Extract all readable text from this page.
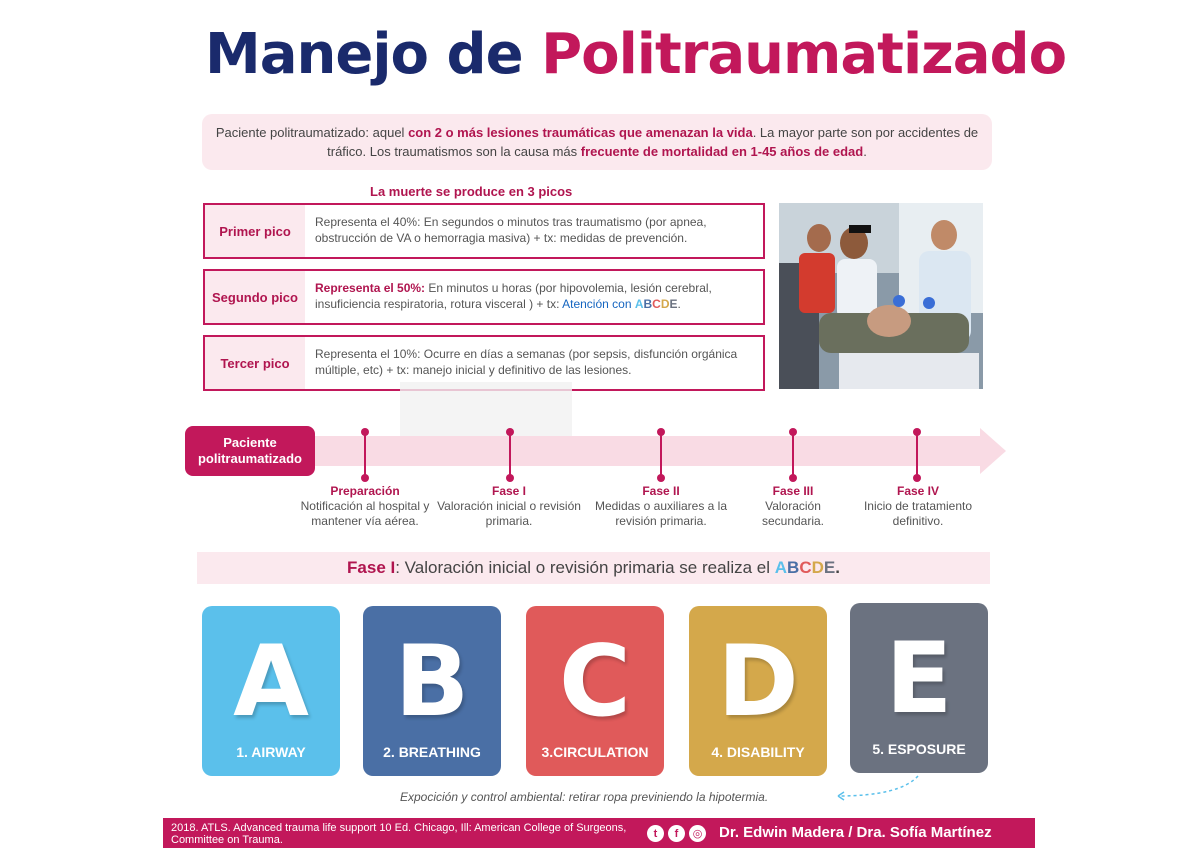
Manejo de Politraumatizado
Paciente politraumatizado: aquel con 2 o más lesiones traumáticas que amenazan la vida. La mayor parte son por accidentes de tráfico. Los traumatismos son la causa más frecuente de mortalidad en 1-45 años de edad.
La muerte se produce en 3 picos
Primer pico
Representa el 40%: En segundos o minutos tras traumatismo (por apnea, obstrucción de VA o hemorragia masiva) + tx: medidas de prevención.
Segundo pico
Representa el 50%: En minutos u horas (por hipovolemia, lesión cerebral, insuficiencia respiratoria, rotura visceral ) + tx: Atención con ABCDE.
Tercer pico
Representa el 10%: Ocurre en días a semanas (por sepsis, disfunción orgánica múltiple, etc) + tx: manejo inicial y definitivo de las lesiones.
Paciente politraumatizado
Preparación
Notificación al hospital y mantener vía aérea.
Fase I
Valoración inicial o revisión primaria.
Fase II
Medidas o auxiliares a la revisión primaria.
Fase III
Valoración secundaria.
Fase IV
Inicio de tratamiento definitivo.
Fase I: Valoración inicial o revisión primaria se realiza el ABCDE.
A
1. AIRWAY
B
2. BREATHING
C
3.CIRCULATION
D
4. DISABILITY
E
5. ESPOSURE
Expocición y control ambiental: retirar ropa previniendo la hipotermia.
2018. ATLS. Advanced trauma life support 10 Ed. Chicago, Ill: American College of Surgeons, Committee on Trauma.
t	f	◎ Dr. Edwin Madera / Dra. Sofía Martínez
